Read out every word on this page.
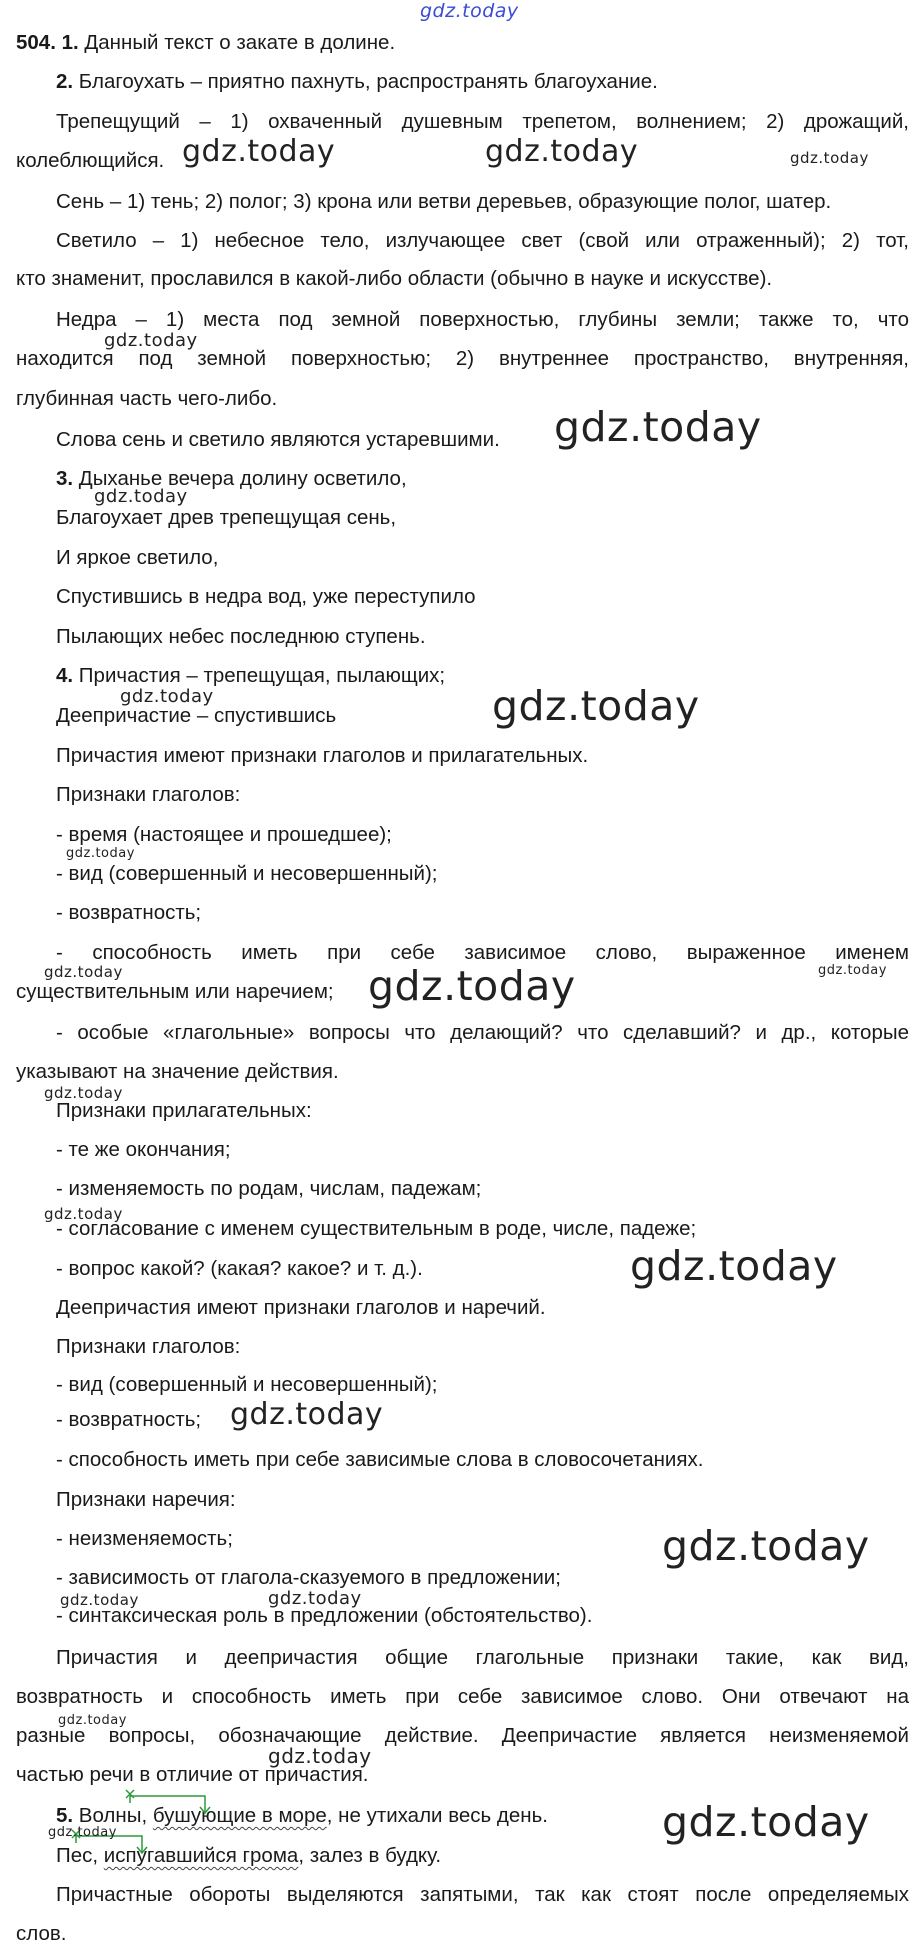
gdz.today
504. 1. Данный текст о закате в долине.
2. Благоухать – приятно пахнуть, распространять благоухание.
Трепещущий – 1) охваченный душевным трепетом, волнением; 2) дрожащий,
колеблющийся.
Сень – 1) тень; 2) полог; 3) крона или ветви деревьев, образующие полог, шатер.
Светило – 1) небесное тело, излучающее свет (свой или отраженный); 2) тот,
кто знаменит, прославился в какой-либо области (обычно в науке и искусстве).
Недра – 1) места под земной поверхностью, глубины земли; также то, что
находится под земной поверхностью; 2) внутреннее пространство, внутренняя,
глубинная часть чего-либо.
Слова сень и светило являются устаревшими.
3. Дыханье вечера долину осветило,
Благоухает древ трепещущая сень,
И яркое светило,
Спустившись в недра вод, уже переступило
Пылающих небес последнюю ступень.
4. Причастия – трепещущая, пылающих;
Деепричастие – спустившись
Причастия имеют признаки глаголов и прилагательных.
Признаки глаголов:
- время (настоящее и прошедшее);
- вид (совершенный и несовершенный);
- возвратность;
- способность иметь при себе зависимое слово, выраженное именем
существительным или наречием;
- особые «глагольные» вопросы что делающий? что сделавший? и др., которые
указывают на значение действия.
Признаки прилагательных:
- те же окончания;
- изменяемость по родам, числам, падежам;
- согласование с именем существительным в роде, числе, падеже;
- вопрос какой? (какая? какое? и т. д.).
Деепричастия имеют признаки глаголов и наречий.
Признаки глаголов:
- вид (совершенный и несовершенный);
- возвратность;
- способность иметь при себе зависимые слова в словосочетаниях.
Признаки наречия:
- неизменяемость;
- зависимость от глагола-сказуемого в предложении;
- синтаксическая роль в предложении (обстоятельство).
Причастия и деепричастия общие глагольные признаки такие, как вид,
возвратность и способность иметь при себе зависимое слово. Они отвечают на
разные вопросы, обозначающие действие. Деепричастие является неизменяемой
частью речи в отличие от причастия.
5. Волны, бушующие в море, не утихали весь день.
Пес, испугавшийся грома, залез в будку.
Причастные обороты выделяются запятыми, так как стоят после определяемых
слов.
gdz.today	gdz.today	gdz.today
gdz.today
gdz.today
gdz.today
gdz.today	gdz.today
gdz.today
gdz.today	gdz.today
gdz.today
gdz.today
gdz.today
gdz.today
gdz.today
gdz.today
gdz.today	gdz.today
gdz.today
gdz.today
gdz.today
gdz.today
